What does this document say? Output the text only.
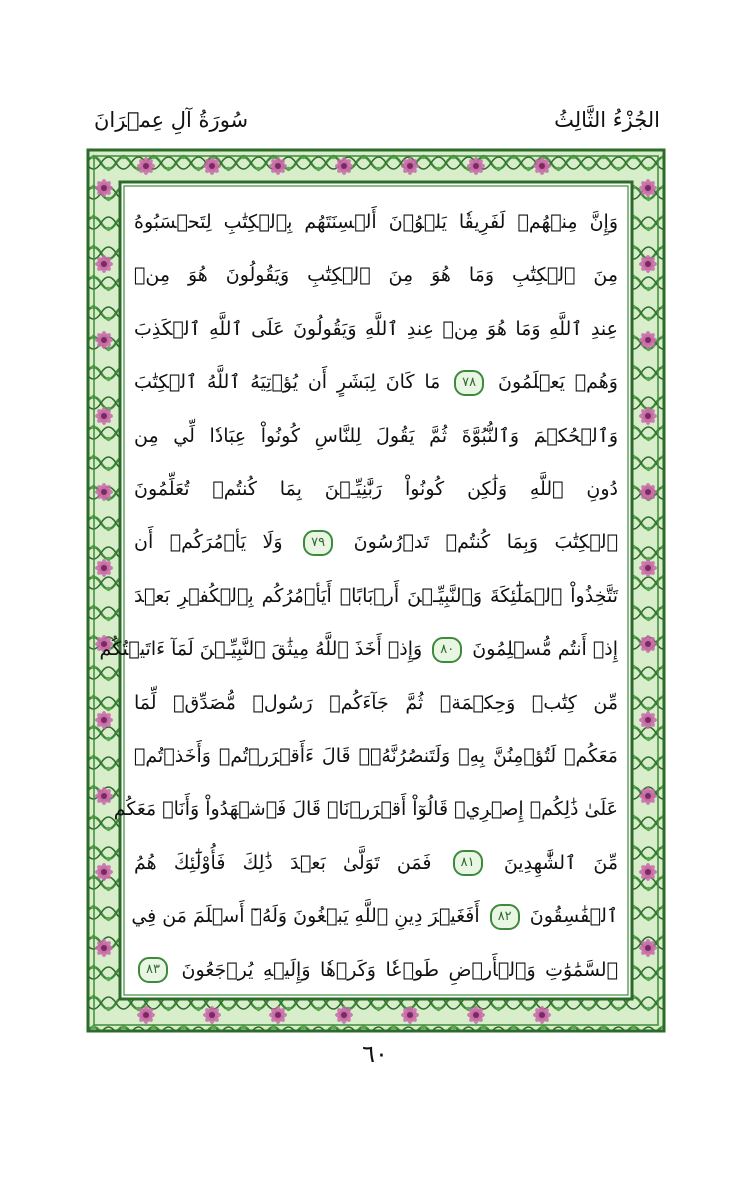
الجُزْءُ الثَّالِثُ
سُورَةُ آلِ عِمۡرَانَ
وَإِنَّ مِنۡهُمۡ لَفَرِيقٗا يَلۡوُۥنَ أَلۡسِنَتَهُم بِٱلۡكِتَٰبِ لِتَحۡسَبُوهُ
مِنَ ٱلۡكِتَٰبِ وَمَا هُوَ مِنَ ٱلۡكِتَٰبِ وَيَقُولُونَ هُوَ مِنۡ
عِندِ ٱللَّهِ وَمَا هُوَ مِنۡ عِندِ ٱللَّهِ وَيَقُولُونَ عَلَى ٱللَّهِ ٱلۡكَذِبَ
وَهُمۡ يَعۡلَمُونَ ٧٨ مَا كَانَ لِبَشَرٍ أَن يُؤۡتِيَهُ ٱللَّهُ ٱلۡكِتَٰبَ
وَٱلۡحُكۡمَ وَٱلنُّبُوَّةَ ثُمَّ يَقُولَ لِلنَّاسِ كُونُواْ عِبَادٗا لِّي مِن
دُونِ ٱللَّهِ وَلَٰكِن كُونُواْ رَبَّٰنِيِّـۧنَ بِمَا كُنتُمۡ تُعَلِّمُونَ
ٱلۡكِتَٰبَ وَبِمَا كُنتُمۡ تَدۡرُسُونَ ٧٩ وَلَا يَأۡمُرَكُمۡ أَن
تَتَّخِذُواْ ٱلۡمَلَٰٓئِكَةَ وَٱلنَّبِيِّـۧنَ أَرۡبَابًاۗ أَيَأۡمُرُكُم بِٱلۡكُفۡرِ بَعۡدَ
إِذۡ أَنتُم مُّسۡلِمُونَ ٨٠ وَإِذۡ أَخَذَ ٱللَّهُ مِيثَٰقَ ٱلنَّبِيِّـۧنَ لَمَآ ءَاتَيۡتُكُم
مِّن كِتَٰبٖ وَحِكۡمَةٖ ثُمَّ جَآءَكُمۡ رَسُولٞ مُّصَدِّقٞ لِّمَا
مَعَكُمۡ لَتُؤۡمِنُنَّ بِهِۦ وَلَتَنصُرُنَّهُۥۚ قَالَ ءَأَقۡرَرۡتُمۡ وَأَخَذۡتُمۡ
عَلَىٰ ذَٰلِكُمۡ إِصۡرِيۖ قَالُوٓاْ أَقۡرَرۡنَاۚ قَالَ فَٱشۡهَدُواْ وَأَنَا۠ مَعَكُم
مِّنَ ٱلشَّٰهِدِينَ ٨١ فَمَن تَوَلَّىٰ بَعۡدَ ذَٰلِكَ فَأُوْلَٰٓئِكَ هُمُ
ٱلۡفَٰسِقُونَ ٨٢ أَفَغَيۡرَ دِينِ ٱللَّهِ يَبۡغُونَ وَلَهُۥٓ أَسۡلَمَ مَن فِي
ٱلسَّمَٰوَٰتِ وَٱلۡأَرۡضِ طَوۡعٗا وَكَرۡهٗا وَإِلَيۡهِ يُرۡجَعُونَ ٨٣
٦٠
